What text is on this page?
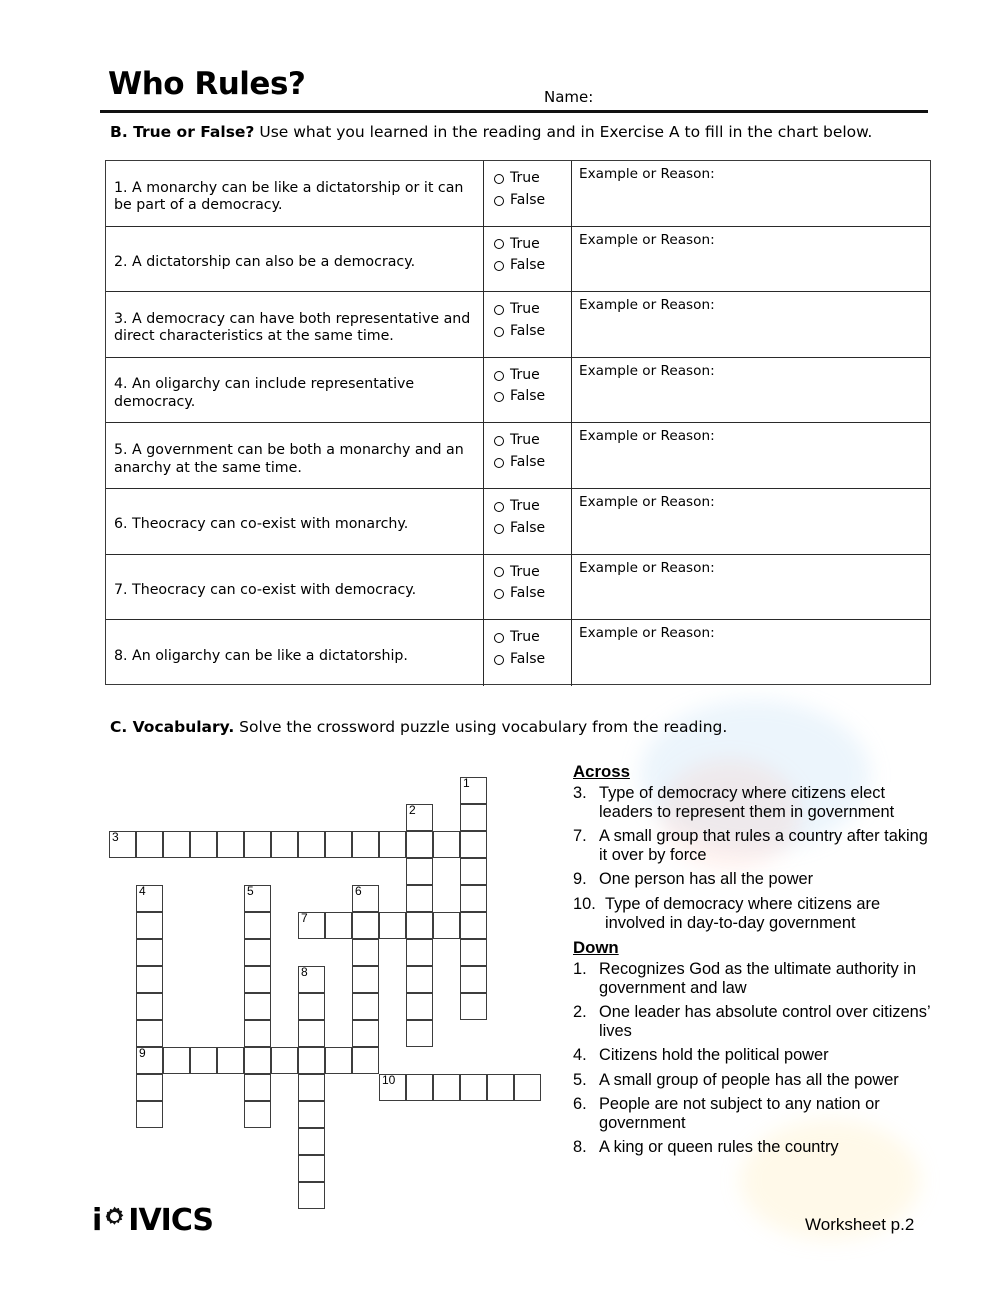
Who Rules?	Name:
B. True or False? Use what you learned in the reading and in Exercise A to fill in the chart below.
1. A monarchy can be like a dictatorship or it can be part of a democracy.
True
False
Example or Reason:
2. A dictatorship can also be a democracy.
True
False
Example or Reason:
3. A democracy can have both representative and direct characteristics at the same time.
True
False
Example or Reason:
4. An oligarchy can include representative democracy.
True
False
Example or Reason:
5. A government can be both a monarchy and an anarchy at the same time.
True
False
Example or Reason:
6. Theocracy can co-exist with monarchy.
True
False
Example or Reason:
7. Theocracy can co-exist with democracy.
True
False
Example or Reason:
8. An oligarchy can be like a dictatorship.
True
False
Example or Reason:
C. Vocabulary. Solve the crossword puzzle using vocabulary from the reading.
1
2
3
4
9
5	6
7
8
10
Across
3. Type of democracy where citizens elect leaders to represent them in government
7. A small group that rules a country after taking it over by force
9. One person has all the power
10. Type of democracy where citizens are involved in day-to-day government
Down
1. Recognizes God as the ultimate authority in government and law
2. One leader has absolute control over citizens’ lives
4. Citizens hold the political power
5. A small group of people has all the power
6. People are not subject to any nation or government
8. A king or queen rules the country
i IVICS	Worksheet p.2
